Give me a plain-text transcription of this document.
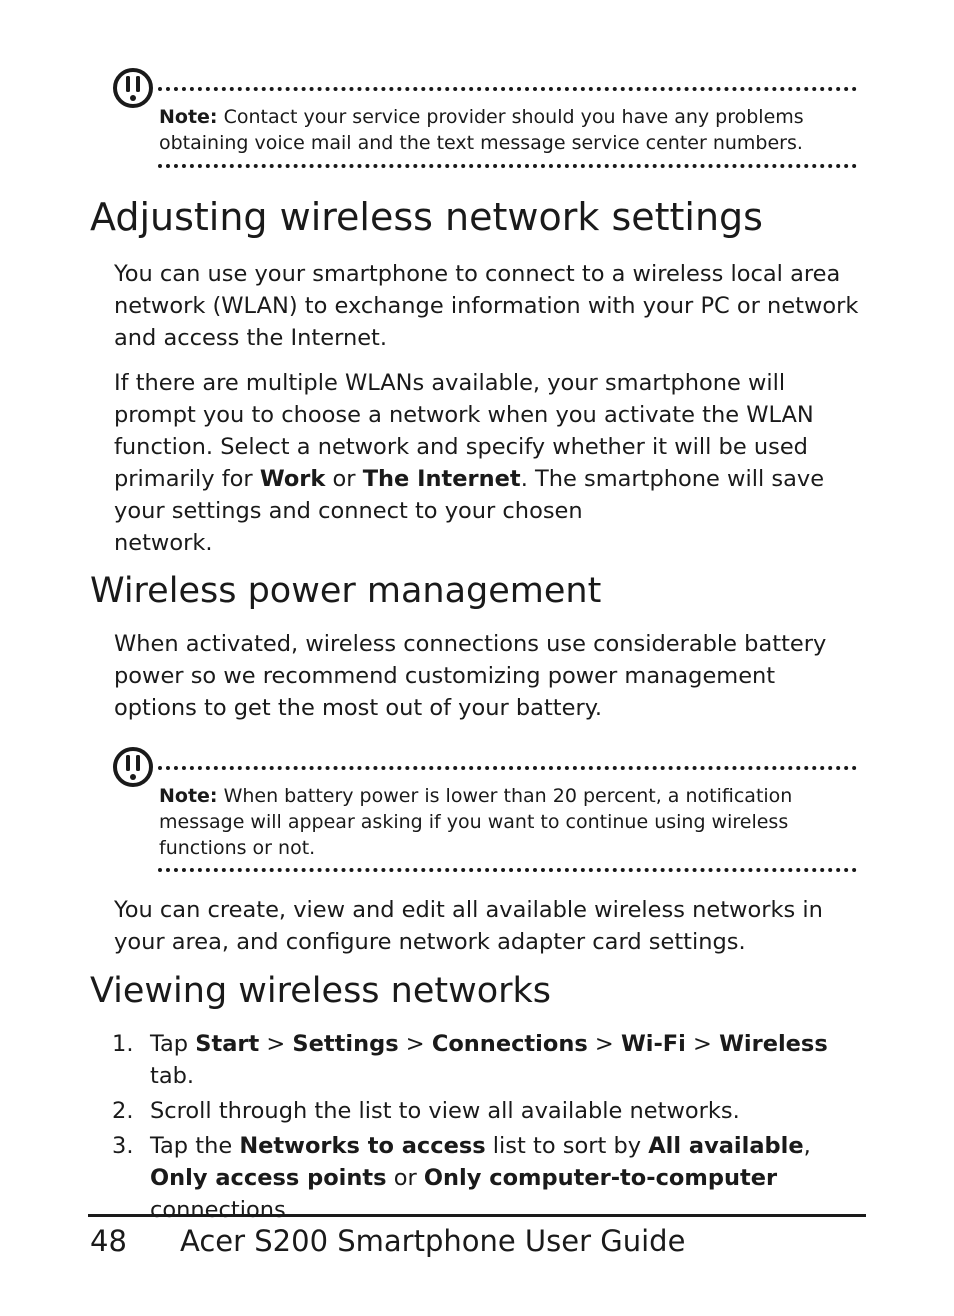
Note: Contact your service provider should you have any problems obtaining voice mail and the text message service center numbers.
Adjusting wireless network settings

You can use your smartphone to connect to a wireless local area network (WLAN) to exchange information with your PC or network and access the Internet.

If there are multiple WLANs available, your smartphone will prompt you to choose a network when you activate the WLAN function. Select a network and specify whether it will be used primarily for Work or The Internet. The smartphone will save your settings and connect to your chosen
network.

Wireless power management

When activated, wireless connections use considerable battery power so we recommend customizing power management options to get the most out of your battery.

Note: When battery power is lower than 20 percent, a notification message will appear asking if you want to continue using wireless functions or not.

You can create, view and edit all available wireless networks in your area, and configure network adapter card settings.

Viewing wireless networks
1. Tap Start > Settings > Connections > Wi-Fi > Wireless tab.
2. Scroll through the list to view all available networks.
3. Tap the Networks to access list to sort by All available, Only access points or Only computer-to-computer connections.
48 Acer S200 Smartphone User Guide
